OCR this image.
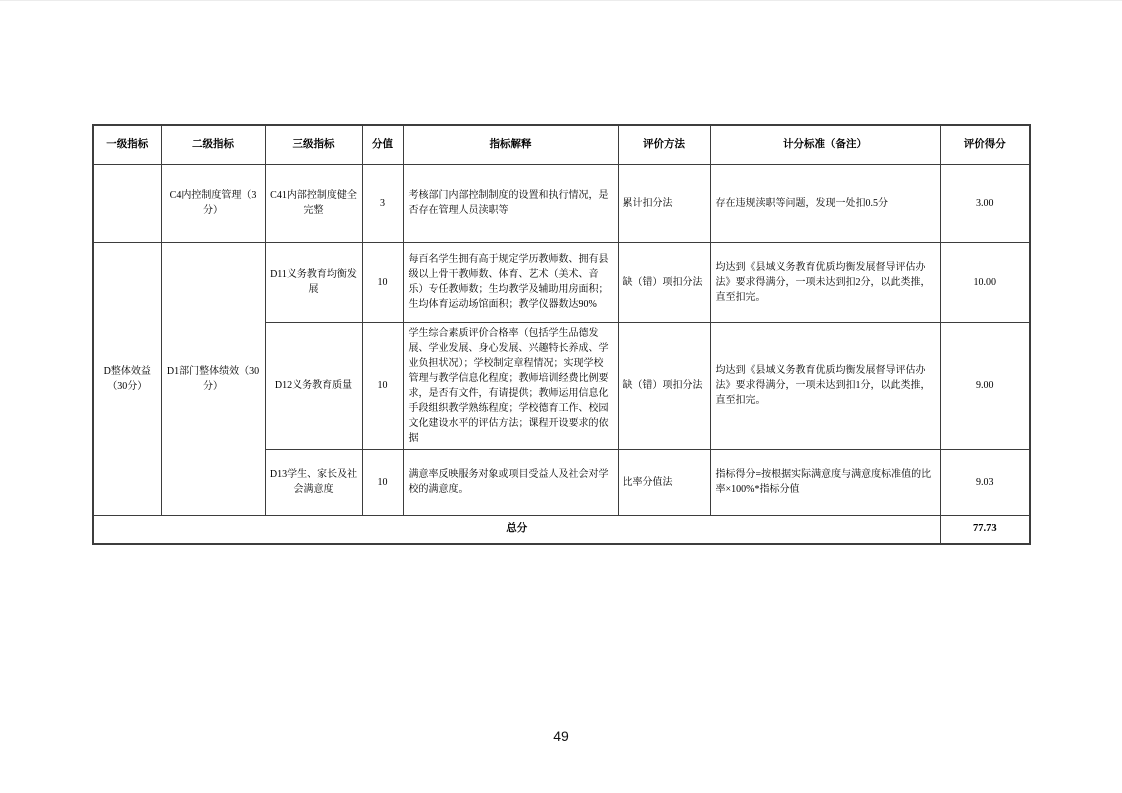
一级指标	二级指标	三级指标	分值	指标解释	评价方法	计分标准（备注）	评价得分
	C4内控制度管理（3分）	C41内部控制度健全完整	3	考核部门内部控制制度的设置和执行情况，是否存在管理人员渎职等	累计扣分法	存在违规渎职等问题，发现一处扣0.5分	3.00
D整体效益（30分）	D1部门整体绩效（30分）	D11义务教育均衡发展	10	每百名学生拥有高于规定学历教师数、拥有县级以上骨干教师数、体育、艺术（美术、音乐）专任教师数；生均教学及辅助用房面积；生均体育运动场馆面积；教学仪器数达90%	缺（错）项扣分法	均达到《县域义务教育优质均衡发展督导评估办法》要求得满分，一项未达到扣2分，以此类推，直至扣完。	10.00
		D12义务教育质量	10	学生综合素质评价合格率（包括学生品德发展、学业发展、身心发展、兴趣特长养成、学业负担状况）；学校制定章程情况；实现学校管理与教学信息化程度；教师培训经费比例要求，是否有文件，有请提供；教师运用信息化手段组织教学熟练程度；学校德育工作、校园文化建设水平的评估方法；课程开设要求的依据	缺（错）项扣分法	均达到《县域义务教育优质均衡发展督导评估办法》要求得满分，一项未达到扣1分，以此类推，直至扣完。	9.00
		D13学生、家长及社会满意度	10	满意率反映服务对象或项目受益人及社会对学校的满意度。	比率分值法	指标得分=按根据实际满意度与满意度标准值的比率×100%*指标分值	9.03
总分							77.73
49
